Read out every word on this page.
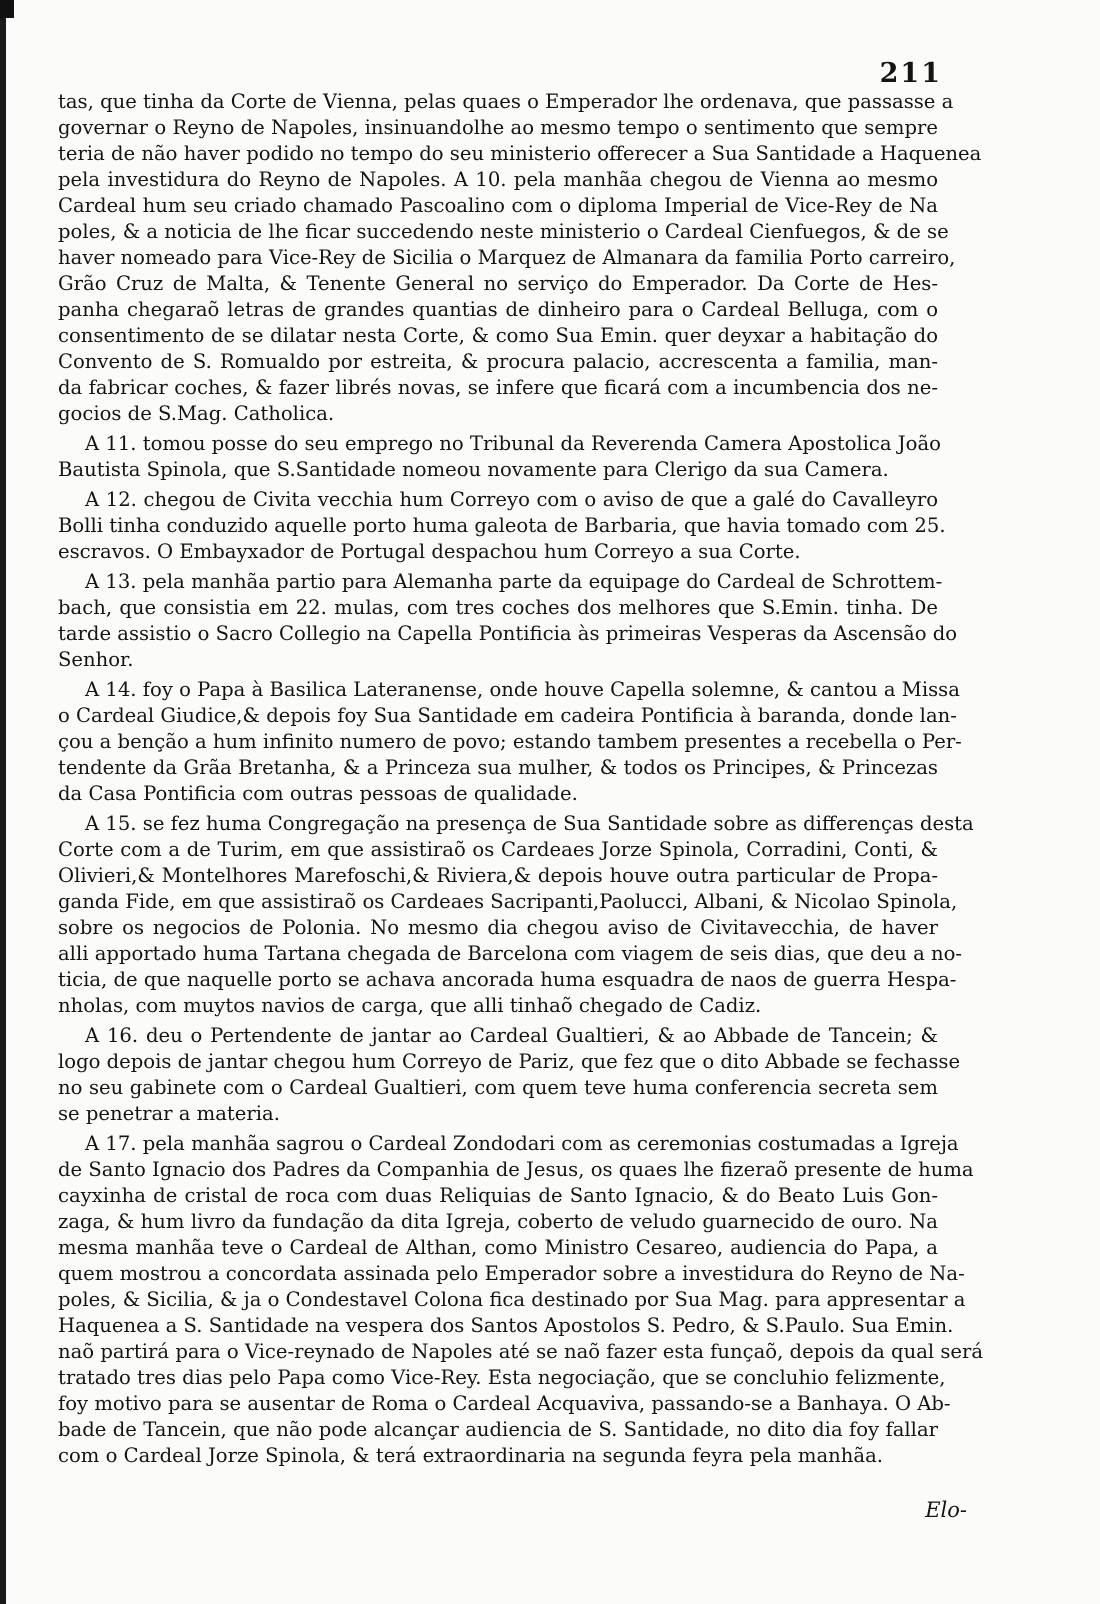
211
tas, que tinha da Corte de Vienna, pelas quaes o Emperador lhe ordenava, que passasse a
governar o Reyno de Napoles, insinuandolhe ao mesmo tempo o sentimento que sempre
teria de não haver podido no tempo do seu ministerio offerecer a Sua Santidade a Haquenea
pela investidura do Reyno de Napoles. A 10. pela manhãa chegou de Vienna ao mesmo
Cardeal hum seu criado chamado Pascoalino com o diploma Imperial de Vice-Rey de Na
poles, & a noticia de lhe ficar succedendo neste ministerio o Cardeal Cienfuegos, & de se
haver nomeado para Vice-Rey de Sicilia o Marquez de Almanara da familia Porto carreiro,
Grão Cruz de Malta, & Tenente General no serviço do Emperador. Da Corte de Hes-
panha chegaraõ letras de grandes quantias de dinheiro para o Cardeal Belluga, com o
consentimento de se dilatar nesta Corte, & como Sua Emin. quer deyxar a habitação do
Convento de S. Romualdo por estreita, & procura palacio, accrescenta a familia, man-
da fabricar coches, & fazer librés novas, se infere que ficará com a incumbencia dos ne-
gocios de S.Mag. Catholica.
A 11. tomou posse do seu emprego no Tribunal da Reverenda Camera Apostolica João
Bautista Spinola, que S.Santidade nomeou novamente para Clerigo da sua Camera.
A 12. chegou de Civita vecchia hum Correyo com o aviso de que a galé do Cavalleyro
Bolli tinha conduzido aquelle porto huma galeota de Barbaria, que havia tomado com 25.
escravos. O Embayxador de Portugal despachou hum Correyo a sua Corte.
A 13. pela manhãa partio para Alemanha parte da equipage do Cardeal de Schrottem-
bach, que consistia em 22. mulas, com tres coches dos melhores que S.Emin. tinha. De
tarde assistio o Sacro Collegio na Capella Pontificia às primeiras Vesperas da Ascensão do
Senhor.
A 14. foy o Papa à Basilica Lateranense, onde houve Capella solemne, & cantou a Missa
o Cardeal Giudice,& depois foy Sua Santidade em cadeira Pontificia à baranda, donde lan-
çou a benção a hum infinito numero de povo; estando tambem presentes a recebella o Per-
tendente da Grãa Bretanha, & a Princeza sua mulher, & todos os Principes, & Princezas
da Casa Pontificia com outras pessoas de qualidade.
A 15. se fez huma Congregação na presença de Sua Santidade sobre as differenças desta
Corte com a de Turim, em que assistiraõ os Cardeaes Jorze Spinola, Corradini, Conti, &
Olivieri,& Montelhores Marefoschi,& Riviera,& depois houve outra particular de Propa-
ganda Fide, em que assistiraõ os Cardeaes Sacripanti,Paolucci, Albani, & Nicolao Spinola,
sobre os negocios de Polonia. No mesmo dia chegou aviso de Civitavecchia, de haver
alli apportado huma Tartana chegada de Barcelona com viagem de seis dias, que deu a no-
ticia, de que naquelle porto se achava ancorada huma esquadra de naos de guerra Hespa-
nholas, com muytos navios de carga, que alli tinhaõ chegado de Cadiz.
A 16. deu o Pertendente de jantar ao Cardeal Gualtieri, & ao Abbade de Tancein; &
logo depois de jantar chegou hum Correyo de Pariz, que fez que o dito Abbade se fechasse
no seu gabinete com o Cardeal Gualtieri, com quem teve huma conferencia secreta sem
se penetrar a materia.
A 17. pela manhãa sagrou o Cardeal Zondodari com as ceremonias costumadas a Igreja
de Santo Ignacio dos Padres da Companhia de Jesus, os quaes lhe fizeraõ presente de huma
cayxinha de cristal de roca com duas Reliquias de Santo Ignacio, & do Beato Luis Gon-
zaga, & hum livro da fundação da dita Igreja, coberto de veludo guarnecido de ouro. Na
mesma manhãa teve o Cardeal de Althan, como Ministro Cesareo, audiencia do Papa, a
quem mostrou a concordata assinada pelo Emperador sobre a investidura do Reyno de Na-
poles, & Sicilia, & ja o Condestavel Colona fica destinado por Sua Mag. para appresentar a
Haquenea a S. Santidade na vespera dos Santos Apostolos S. Pedro, & S.Paulo. Sua Emin.
naõ partirá para o Vice-reynado de Napoles até se naõ fazer esta funçaõ, depois da qual será
tratado tres dias pelo Papa como Vice-Rey. Esta negociação, que se concluhio felizmente,
foy motivo para se ausentar de Roma o Cardeal Acquaviva, passando-se a Banhaya. O Ab-
bade de Tancein, que não pode alcançar audiencia de S. Santidade, no dito dia foy fallar
com o Cardeal Jorze Spinola, & terá extraordinaria na segunda feyra pela manhãa.
Elo-
